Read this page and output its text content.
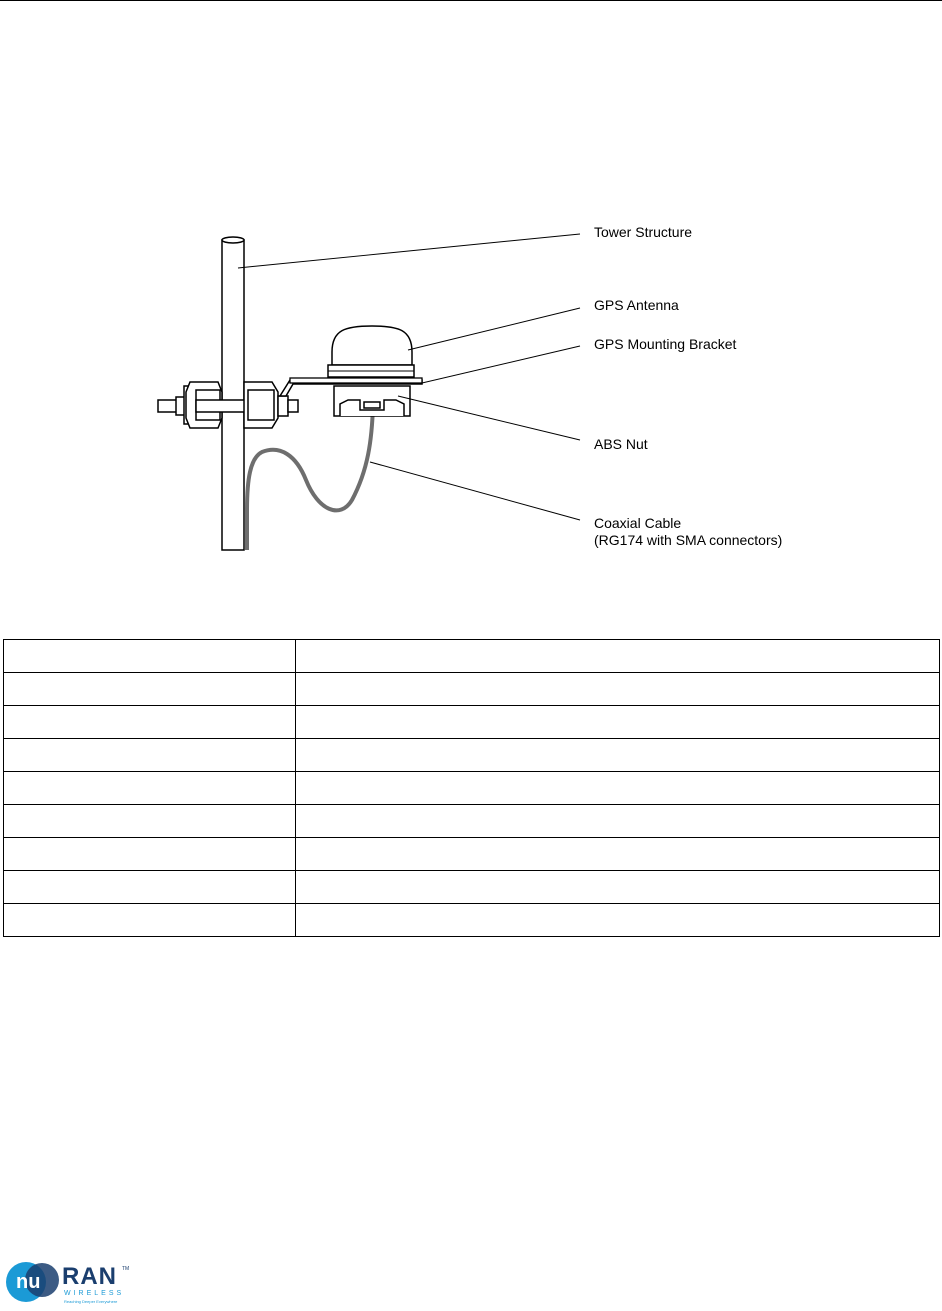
Tower Structure
GPS Antenna
GPS Mounting Bracket
ABS Nut
Coaxial Cable
(RG174 with SMA connectors)

nu RAN TM
WIRELESS
Reaching Deeper Everywhere
